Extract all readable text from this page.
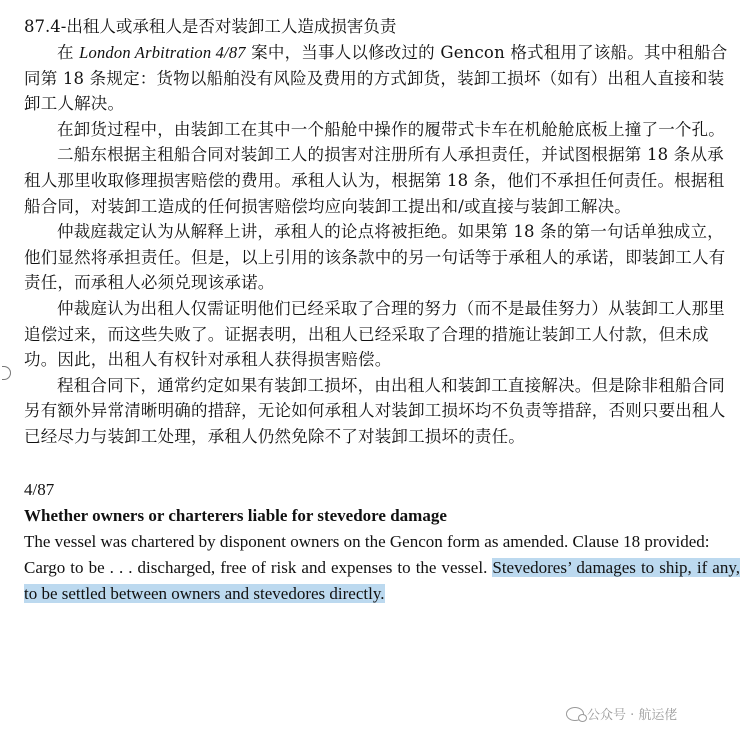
87.4-出租人或承租人是否对装卸工人造成损害负责

在 London Arbitration 4/87 案中，当事人以修改过的 Gencon 格式租用了该船。其中租船合同第 18 条规定：货物以船舶没有风险及费用的方式卸货，装卸工损坏（如有）出租人直接和装卸工人解决。

在卸货过程中，由装卸工在其中一个船舱中操作的履带式卡车在机舱舱底板上撞了一个孔。

二船东根据主租船合同对装卸工人的损害对注册所有人承担责任，并试图根据第 18 条从承租人那里收取修理损害赔偿的费用。承租人认为，根据第 18 条，他们不承担任何责任。根据租船合同，对装卸工造成的任何损害赔偿均应向装卸工提出和/或直接与装卸工解决。

仲裁庭裁定认为从解释上讲，承租人的论点将被拒绝。如果第 18 条的第一句话单独成立，他们显然将承担责任。但是，以上引用的该条款中的另一句话等于承租人的承诺，即装卸工人有责任，而承租人必须兑现该承诺。

仲裁庭认为出租人仅需证明他们已经采取了合理的努力（而不是最佳努力）从装卸工人那里追偿过来，而这些失败了。证据表明，出租人已经采取了合理的措施让装卸工人付款，但未成功。因此，出租人有权针对承租人获得损害赔偿。

程租合同下，通常约定如果有装卸工损坏，由出租人和装卸工直接解决。但是除非租船合同另有额外异常清晰明确的措辞，无论如何承租人对装卸工损坏均不负责等措辞，否则只要出租人已经尽力与装卸工处理，承租人仍然免除不了对装卸工损坏的责任。

4/87

Whether owners or charterers liable for stevedore damage

The vessel was chartered by disponent owners on the Gencon form as amended. Clause 18 provided:

Cargo to be . . . discharged, free of risk and expenses to the vessel. Stevedores’ damages to ship, if any, to be settled between owners and stevedores directly.

公众号 · 航运佬
